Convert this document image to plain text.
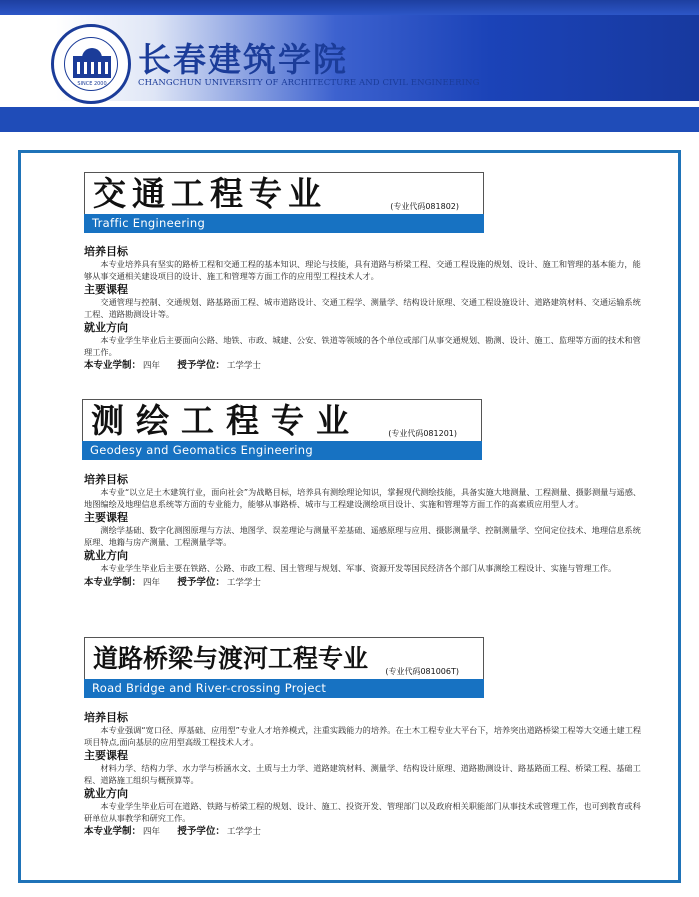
SINCE 2000
长春建筑学院
CHANGCHUN UNIVERSITY OF ARCHITECTURE AND CIVIL ENGINEERING
交通工程专业	(专业代码081802)
Traffic Engineering
培养目标
本专业培养具有坚实的路桥工程和交通工程的基本知识、理论与技能，具有道路与桥梁工程、交通工程设施的规划、设计、施工和管理的基本能力，能够从事交通相关建设项目的设计、施工和管理等方面工作的应用型工程技术人才。
主要课程
交通管理与控制、交通规划、路基路面工程、城市道路设计、交通工程学、测量学、结构设计原理、交通工程设施设计、道路建筑材料、交通运输系统工程、道路勘测设计等。
就业方向
本专业学生毕业后主要面向公路、地铁、市政、城建、公安、铁道等领域的各个单位或部门从事交通规划、勘测、设计、施工、监理等方面的技术和管理工作。
本专业学制： 四年 授予学位： 工学学士
测绘工程专业	(专业代码081201)
Geodesy and Geomatics Engineering
培养目标
本专业“以立足土木建筑行业，面向社会”为战略目标，培养具有测绘理论知识，掌握现代测绘技能，具备实施大地测量、工程测量、摄影测量与遥感、地图编绘及地理信息系统等方面的专业能力，能够从事路桥、城市与工程建设测绘项目设计、实施和管理等方面工作的高素质应用型人才。
主要课程
测绘学基础、数字化测图原理与方法、地图学、误差理论与测量平差基础、遥感原理与应用、摄影测量学、控制测量学、空间定位技术、地理信息系统原理、地籍与房产测量、工程测量学等。
就业方向
本专业学生毕业后主要在铁路、公路、市政工程、国土管理与规划、军事、资源开发等国民经济各个部门从事测绘工程设计、实施与管理工作。
本专业学制： 四年 授予学位： 工学学士
道路桥梁与渡河工程专业 (专业代码081006T)
Road Bridge and River-crossing Project
培养目标
本专业强调“宽口径、厚基础、应用型”专业人才培养模式，注重实践能力的培养。在土木工程专业大平台下，培养突出道路桥梁工程等大交通土建工程项目特点,面向基层的应用型高级工程技术人才。
主要课程
材料力学、结构力学、水力学与桥涵水文、土质与土力学、道路建筑材料、测量学、结构设计原理、道路勘测设计、路基路面工程、桥梁工程、基础工程、道路施工组织与概预算等。
就业方向
本专业学生毕业后可在道路、铁路与桥梁工程的规划、设计、施工、投资开发、管理部门以及政府相关职能部门从事技术或管理工作，也可到教育或科研单位从事教学和研究工作。
本专业学制： 四年 授予学位： 工学学士
